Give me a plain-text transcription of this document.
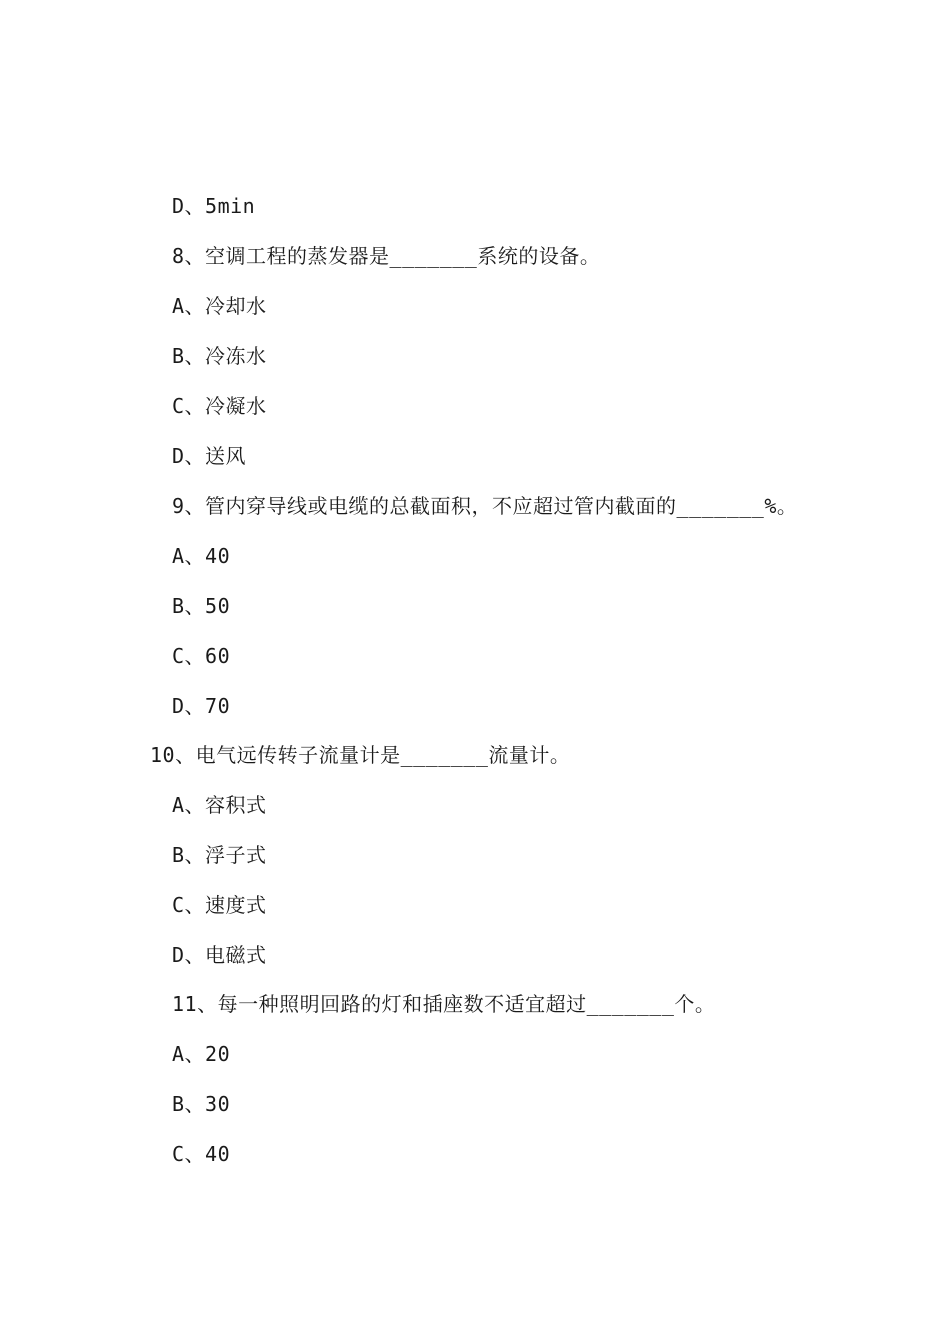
D、5min
8、空调工程的蒸发器是_______系统的设备。
A、冷却水
B、冷冻水
C、冷凝水
D、送风
9、管内穿导线或电缆的总截面积，不应超过管内截面的_______%。
A、40
B、50
C、60
D、70
10、电气远传转子流量计是_______流量计。
A、容积式
B、浮子式
C、速度式
D、电磁式
11、每一种照明回路的灯和插座数不适宜超过_______个。
A、20
B、30
C、40
